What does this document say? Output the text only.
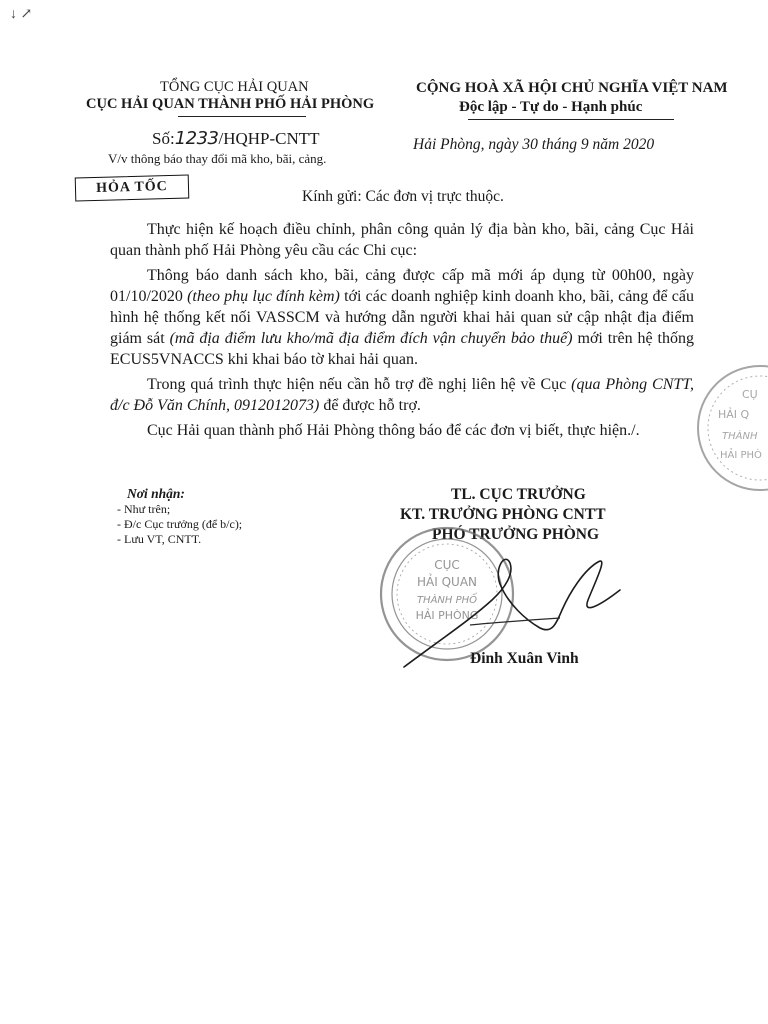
↓ ↗
TỔNG CỤC HẢI QUAN
CỤC HẢI QUAN THÀNH PHỐ HẢI PHÒNG
CỘNG HOÀ XÃ HỘI CHỦ NGHĨA VIỆT NAM
Độc lập - Tự do - Hạnh phúc
Số:1233/HQHP-CNTT
V/v thông báo thay đổi mã kho, bãi, cảng.
Hải Phòng, ngày 30 tháng 9 năm 2020
HỎA TỐC
Kính gửi: Các đơn vị trực thuộc.

Thực hiện kế hoạch điều chỉnh, phân công quản lý địa bàn kho, bãi, cảng Cục Hải quan thành phố Hải Phòng yêu cầu các Chi cục:

Thông báo danh sách kho, bãi, cảng được cấp mã mới áp dụng từ 00h00, ngày 01/10/2020 (theo phụ lục đính kèm) tới các doanh nghiệp kinh doanh kho, bãi, cảng để cấu hình hệ thống kết nối VASSCM và hướng dẫn người khai hải quan sử cập nhật địa điểm giám sát (mã địa điểm lưu kho/mã địa điểm đích vận chuyển bảo thuế) mới trên hệ thống ECUS5VNACCS khi khai báo tờ khai hải quan.

Trong quá trình thực hiện nếu cần hỗ trợ đề nghị liên hệ về Cục (qua Phòng CNTT, đ/c Đỗ Văn Chính, 0912012073) để được hỗ trợ.

Cục Hải quan thành phố Hải Phòng thông báo để các đơn vị biết, thực hiện./.

Nơi nhận:
- Như trên;
- Đ/c Cục trưởng (để b/c);
- Lưu VT, CNTT.
TL. CỤC TRƯỞNG
KT. TRƯỞNG PHÒNG CNTT
PHÓ TRƯỞNG PHÒNG
CỤC
HẢI QUAN
THÀNH PHỐ
HẢI PHÒNG
CỤ
HẢI Q
THÀNH
HẢI PHÒ
Đinh Xuân Vinh
